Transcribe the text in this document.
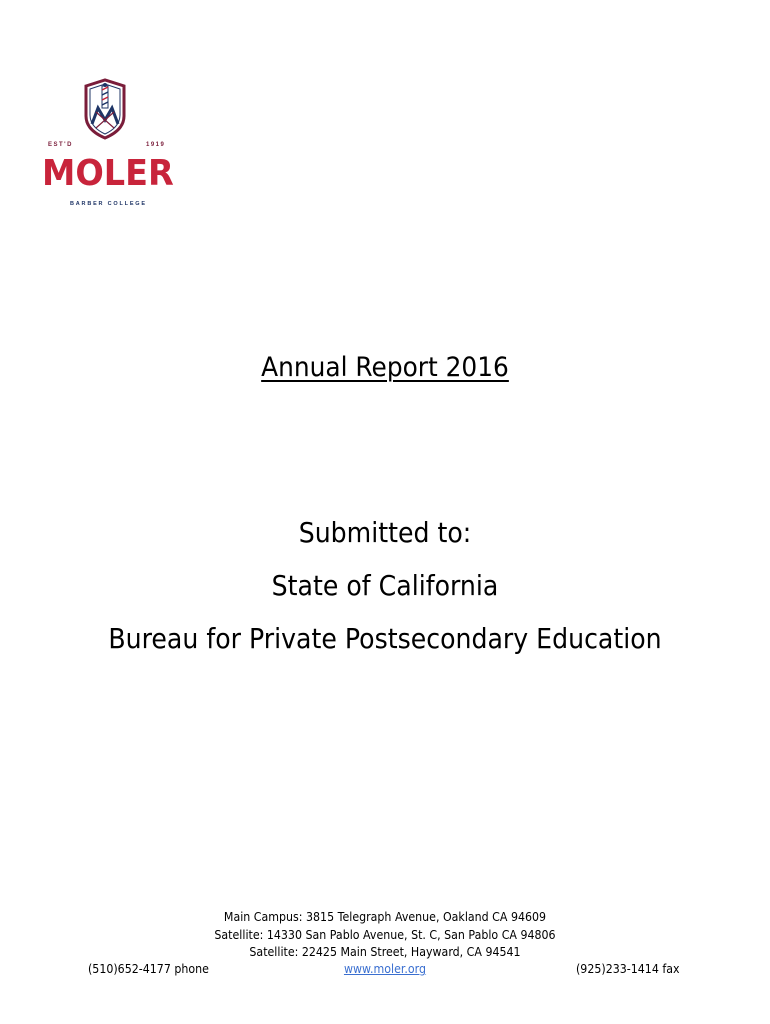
EST'D	1919
MOLER
BARBER COLLEGE
Annual Report 2016
Submitted to:
State of California
Bureau for Private Postsecondary Education
Main Campus: 3815 Telegraph Avenue, Oakland CA 94609
Satellite: 14330 San Pablo Avenue, St. C, San Pablo CA 94806
Satellite: 22425 Main Street, Hayward, CA 94541
(510)652-4177 phone	www.moler.org	(925)233-1414 fax
